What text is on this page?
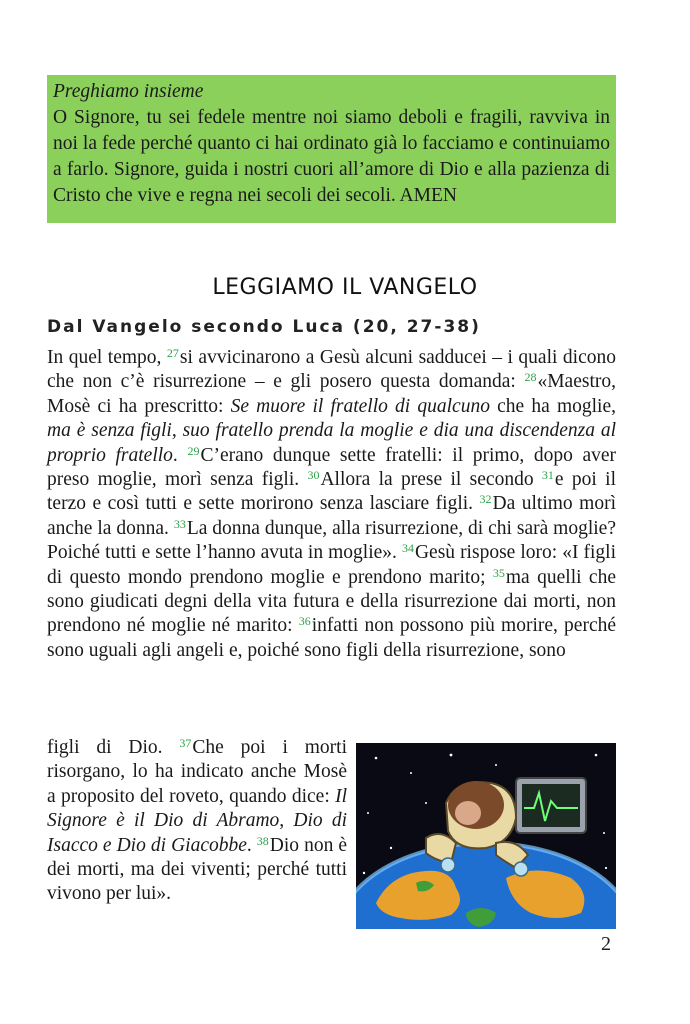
Preghiamo insieme
O Signore, tu sei fedele mentre noi siamo deboli e fragili, ravviva in noi la fede perché quanto ci hai ordinato già lo facciamo e continuiamo a farlo. Signore, guida i nostri cuori all’amore di Dio e alla pazienza di Cristo che vive e regna nei secoli dei secoli. AMEN
LEGGIAMO IL VANGELO
Dal Vangelo secondo Luca (20, 27-38)
In quel tempo, $^{27}$si avvicinarono a Gesù alcuni sadducei – i quali dicono che non c’è risurrezione – e gli posero questa domanda: $^{28}$«Maestro, Mosè ci ha prescritto: Se muore il fratello di qualcuno che ha moglie, ma è senza figli, suo fratello prenda la moglie e dia una discendenza al proprio fratello. $^{29}$C’erano dunque sette fratelli: il primo, dopo aver preso moglie, morì senza figli. $^{30}$Allora la prese il secondo $^{31}$e poi il terzo e così tutti e sette morirono senza lasciare figli. $^{32}$Da ultimo morì anche la donna. $^{33}$La donna dunque, alla risurrezione, di chi sarà moglie? Poiché tutti e sette l’hanno avuta in moglie». $^{34}$Gesù rispose loro: «I figli di questo mondo prendono moglie e prendono marito; $^{35}$ma quelli che sono giudicati degni della vita futura e della risurrezione dai morti, non prendono né moglie né marito: $^{36}$infatti non possono più morire, perché sono uguali agli angeli e, poiché sono figli della risurrezione, sono
figli di Dio. $^{37}$Che poi i morti risorgano, lo ha indicato anche Mosè a proposito del roveto, quando dice: Il Signore è il Dio di Abramo, Dio di Isacco e Dio di Giacobbe. $^{38}$Dio non è dei morti, ma dei viventi; perché tutti vivono per lui».
2
